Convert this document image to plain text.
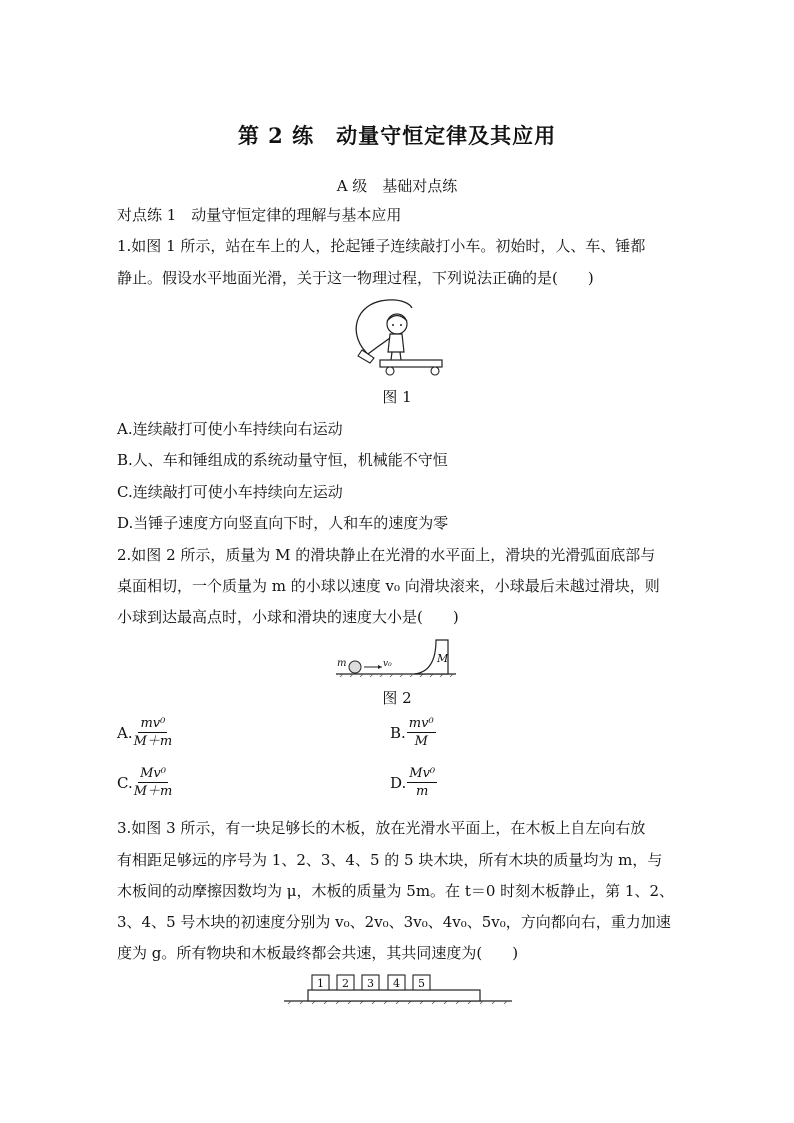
第 2 练　动量守恒定律及其应用
A 级　基础对点练
对点练 1　动量守恒定律的理解与基本应用
1.如图 1 所示，站在车上的人，抡起锤子连续敲打小车。初始时，人、车、锤都
静止。假设水平地面光滑，关于这一物理过程，下列说法正确的是(　　)
图 1
A.连续敲打可使小车持续向右运动
B.人、车和锤组成的系统动量守恒，机械能不守恒
C.连续敲打可使小车持续向左运动
D.当锤子速度方向竖直向下时，人和车的速度为零
2.如图 2 所示，质量为 M 的滑块静止在光滑的水平面上，滑块的光滑弧面底部与
桌面相切，一个质量为 m 的小球以速度 v₀ 向滑块滚来，小球最后未越过滑块，则
小球到达最高点时，小球和滑块的速度大小是(　　)
m	v₀	M
图 2
A. $\frac{\text{mv⁰}}{M+m}$	B. $\frac{\text{mv⁰}}{M}$
C. $\frac{\text{Mv⁰}}{M+m}$	D. $\frac{\text{Mv⁰}}{m}$
3.如图 3 所示，有一块足够长的木板，放在光滑水平面上，在木板上自左向右放
有相距足够远的序号为 1、2、3、4、5 的 5 块木块，所有木块的质量均为 m，与
木板间的动摩擦因数均为 μ，木板的质量为 5m。在 t＝0 时刻木板静止，第 1、2、
3、4、5 号木块的初速度分别为 v₀、2v₀、3v₀、4v₀、5v₀，方向都向右，重力加速
度为 g。所有物块和木板最终都会共速，其共同速度为(　　)
1 2 3 4 5
